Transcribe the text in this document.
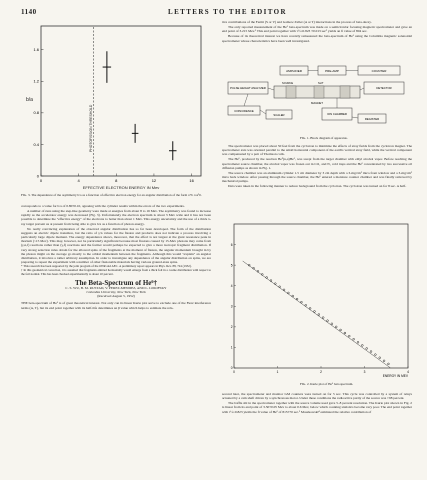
1140	LETTERS TO THE EDITOR
0	4	8	12	16
0
0.4
0.8
1.2
1.6
PHOTOFISSION THRESHOLD
EFFECTIVE ELECTRON ENERGY IN Mev
b/a
FIG. 3. The dependence of the asymmetry b/a as a function of effective electron energy for an angular distribution of the form a+b cos²θ.

corresponds to a value for b/a of 0.80±0.10, agreeing with the cylinder results within the errors of the two experiments.

A number of runs using the step-like geometry were made at energies from about 8 to 16 Mev. The asymmetry was found to increase rapidly as the accelerator energy was decreased (Fig. 3). Unfortunately the electron spectrum is about 3 Mev wide and it has not been possible to determine the "effective energy" of the electrons to better than about 1 Mev. This energy uncertainty and the use of a thick x-ray target prevent us at present from being able to give b/a as a function of photon energy.

No really convincing explanation of the observed angular distribution has so far been developed. The form of the distribution suggests an electric dipole transition, but the ratio of γ/n values for the fission and products does not indicate a process involving a particularly large dipole moment. The energy dependence shows, moreover, that the effect is not largest at the giant resonance peak in thorium (~15 Mev). This may, however, not be particularly significant because most fissions caused by 15-Mev photons may come from (γ,n,f) reactions rather than (γ,f) reactions and the former would perhaps be expected to give a more isotropic fragment distribution. If very strong selection rules obtain for the allowed spins of the fragments at the moment of fission, the angular momentum brought in by the photon might on the average go mostly to the orbital momentum between the fragments. Although this would "explain" an angular distribution, it involves a rather arbitrary assumption. In order to investigate any dependence of the angular distribution on spins, we are preparing to repeat the experiment with a number of other fissionable materials having various ground-state spins.

* This research has been supported by the joint program of the ONR and AEC. A preliminary report appears in Phys. Rev. 88, 724 (1952).
† In this geometrical correction, it is assumed that fragments emitted horizontally would emerge from a thick foil in a cosine distribution with respect to the foil normal. This has been checked experimentally to about 10 percent.
The Beta-Spectrum of He⁶†
C. S. WU, B. M. RUSTAD, V. PEREZ-MENDEZ, AND L. LIDOFSKY
Columbia University, New York, New York
(Received August 5, 1952)

THE beta-spectrum of He⁶ is of great theoretical interest. Not only can its linear Kurie plot serve to exclude one of the Fierz interference terms (A, T), but its end point together with its half-life determines an β value which helps to estimate the rela-

tive contributions of the Fermi (S or V) and Gamow-Teller (A or T) interactions in the process of beta-decay.

The only reported measurement of the He⁶ beta-spectrum was made on a semicircular focusing magnetic spectrometer and gave an end point of 3.215 Mev.¹ This end point together with τ½=0.823 ±0.013 sec² yields an ft value of 804 sec.

Because of its theoretical interest we have recently remeasured the beta-spectrum of He⁶ using the Columbia magnetic solenoidal spectrometer whose characteristics have been well investigated.

AMPLIFIER	PRE-AMP	COUNTER
PULSE HEIGHT ANALYZER
MAGNET
DETECTOR
COINCIDENCE
SCALER	ION CHAMBER
REGISTER
SOURCE	SLIT
FIG. 1. Block diagram of apparatus.

The spectrometer was placed about 50 feet from the cyclotron to minimize the effects of stray fields from the cyclotron magnet. The spectrometer axis was oriented parallel to the small horizontal component of the earth's vertical stray field, while the vertical component was compensated by a pair of Thomson coils.

The He⁶, produced by the reaction Be⁹(n,α)He⁶, was swept from the target chamber with ethyl alcohol vapor. Before reaching the spectrometer source chamber, the alcohol vapor was frozen out in CO₂ and N₂ cold traps and the He⁶ concentrated by two successive oil diffusion pumps as shown in Fig. 1.

The source chamber was an aluminum cylinder 1.5 cm diameter by 3 cm depth with a 3-mg/cm² mica front window and a 3-mg/cm² mica back window. After passing through the source chamber, the He⁶ entered a moisture counter chamber and was finally removed by mechanical pumps.

Data were taken in the following manner to reduce background from the cyclotron. The cyclotron was turned on for 8 sec. A half-

0	1	2	3	4
0
1
2
3
4
5
6
ENERGY IN MEV
FIG. 2. Kurie plot of He⁶ beta spectrum.

second later, the spectrometer and monitor GM counters were turned on for 5 sec. This cycle was controlled by a system of relays actuated by a cam shaft driven by a synchronous motor. Under these conditions the radioactive purity of the source was >98 percent.

The baffle slit in the spectrometer together with the source volume used gave 5–8 percent resolution. The Kurie plot shown in Fig. 2 is linear from its end point of 3.50±0.05 Mev to about 0.6 Mev, below which counting statistics become very poor. The end point together with τ½=0.823 yields the ft value of He⁶ of 815±70 sec.³ Moszkowski⁴ estimated the relative contribution of
